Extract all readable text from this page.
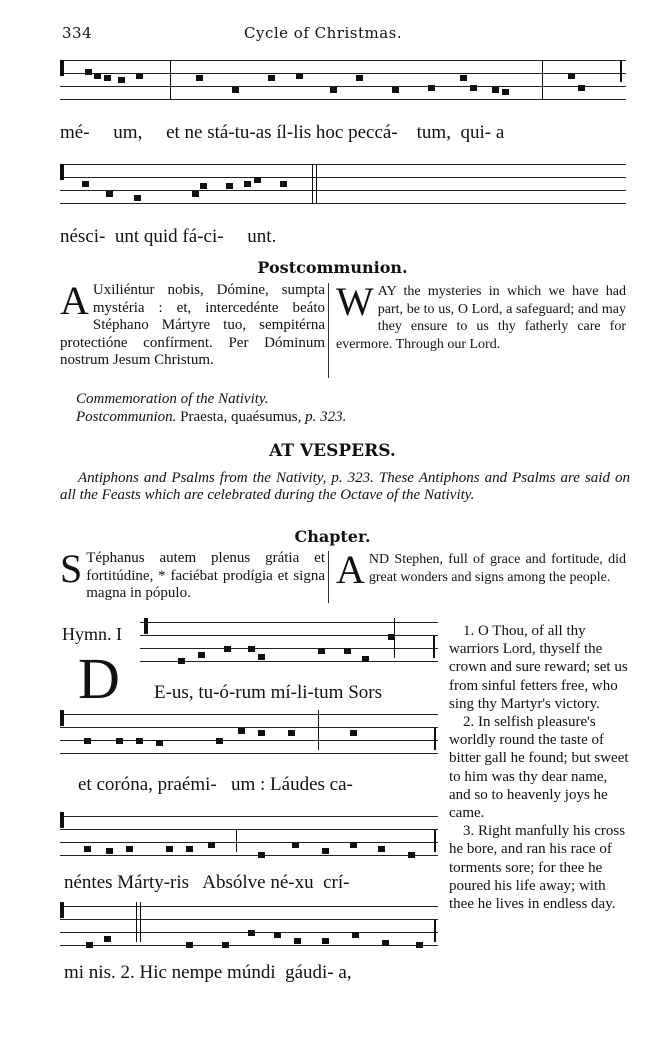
334	Cycle of Christmas.
mé-     um,     et ne stá-tu-as íl-lis hoc peccá-    tum,  qui- a
nésci-  unt quid fá-ci-     unt.
Postcommunion.
A Uxiliéntur nobis, Dómine, sumpta mystéria : et, intercedénte beáto Stéphano Mártyre tuo, sempitérna protectióne confírment. Per Dóminum nostrum Jesum Christum.
WAY the mysteries in which we have had part, be to us, O Lord, a safeguard; and may they ensure to us thy fatherly care for evermore. Through our Lord.
Commemoration of the Nativity.
Postcommunion. Praesta, quaésumus, p. 323.
AT VESPERS.
Antiphons and Psalms from the Nativity, p. 323. These Antiphons and Psalms are said on all the Feasts which are celebrated during the Octave of the Nativity.
Chapter.
S Téphanus autem plenus grátia et fortitúdine, * faciébat prodígia et signa magna in pópulo.
AND Stephen, full of grace and fortitude, did great wonders and signs among the people.
Hymn. I
D E-us, tu-ó-rum mí-li-tum Sors
et coróna, praémi-   um : Láudes ca-
néntes Márty-ris   Absólve né-xu  crí-
mi nis. 2. Hic nempe múndi  gáudi- a,

1. O Thou, of all thy warriors Lord, thyself the crown and sure reward; set us from sinful fetters free, who sing thy Martyr's victory.

2. In selfish pleasure's worldly round the taste of bitter gall he found; but sweet to him was thy dear name, and so to heavenly joys he came.

3. Right manfully his cross he bore, and ran his race of torments sore; for thee he poured his life away; with thee he lives in endless day.
